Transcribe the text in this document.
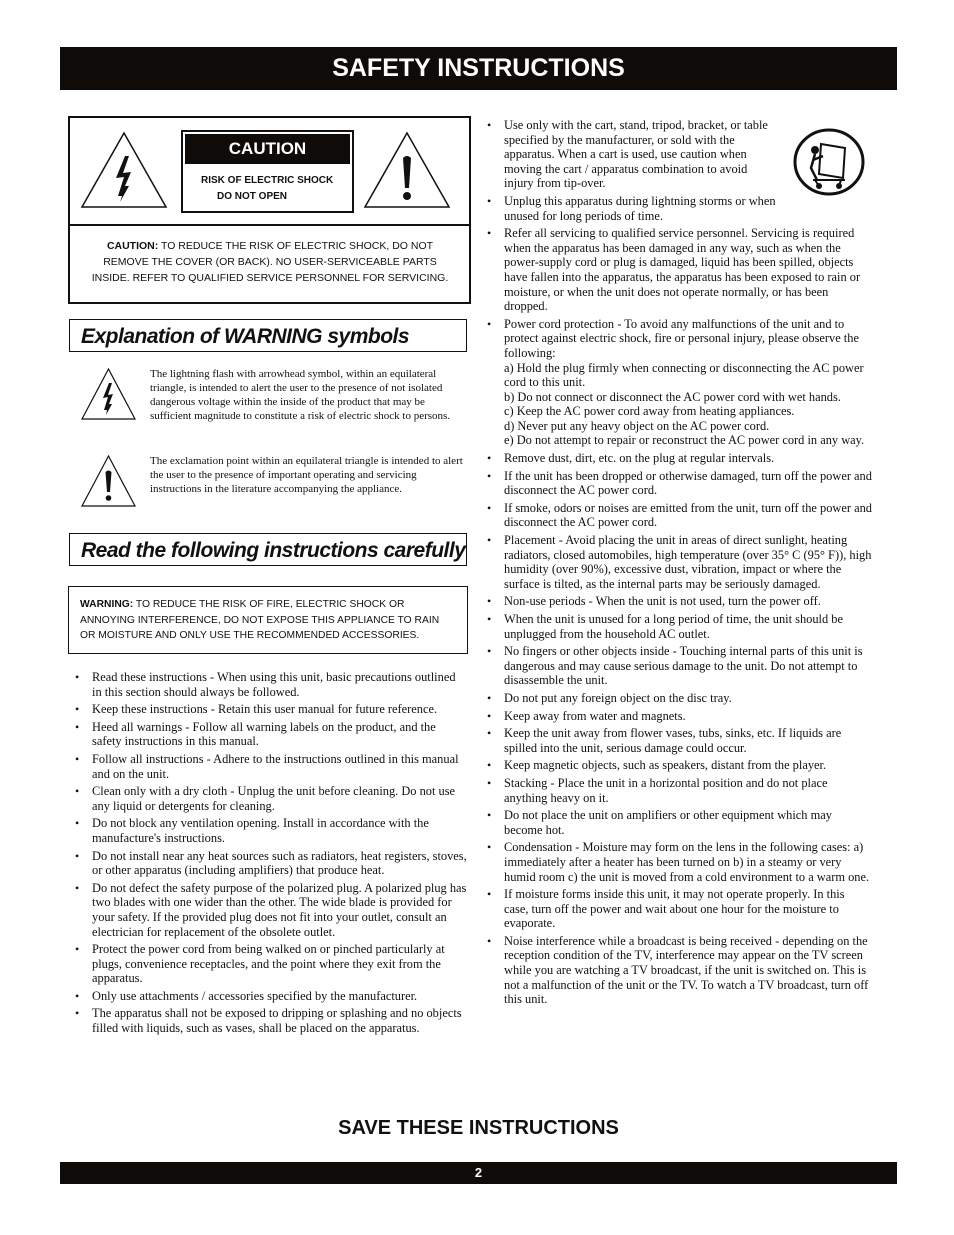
SAFETY INSTRUCTIONS
CAUTION
RISK OF ELECTRIC SHOCK
DO NOT OPEN
CAUTION: TO REDUCE THE RISK OF ELECTRIC SHOCK, DO NOT REMOVE THE COVER (OR BACK). NO USER-SERVICEABLE PARTS INSIDE. REFER TO QUALIFIED SERVICE PERSONNEL FOR SERVICING.
Explanation of WARNING symbols
The lightning flash with arrowhead symbol, within an equilateral triangle, is intended to alert the user to the presence of not isolated dangerous voltage within the inside of the product that may be sufficient magnitude to constitute a risk of electric shock to persons.
The exclamation point within an equilateral triangle is intended to alert the user to the presence of important operating and servicing instructions in the literature accompanying the appliance.
Read the following instructions carefully
WARNING: TO REDUCE THE RISK OF FIRE, ELECTRIC SHOCK OR ANNOYING INTERFERENCE, DO NOT EXPOSE THIS APPLIANCE TO RAIN OR MOISTURE AND ONLY USE THE RECOMMENDED ACCESSORIES.
• Read these instructions - When using this unit, basic precautions outlined in this section should always be followed.
• Keep these instructions - Retain this user manual for future reference.
• Heed all warnings - Follow all warning labels on the product, and the safety instructions in this manual.
• Follow all instructions - Adhere to the instructions outlined in this manual and on the unit.
• Clean only with a dry cloth - Unplug the unit before cleaning. Do not use any liquid or detergents for cleaning.
• Do not block any ventilation opening. Install in accordance with the manufacture's instructions.
• Do not install near any heat sources such as radiators, heat registers, stoves, or other apparatus (including amplifiers) that produce heat.
• Do not defect the safety purpose of the polarized plug. A polarized plug has two blades with one wider than the other. The wide blade is provided for your safety. If the provided plug does not fit into your outlet, consult an electrician for replacement of the obsolete outlet.
• Protect the power cord from being walked on or pinched particularly at plugs, convenience receptacles, and the point where they exit from the apparatus.
• Only use attachments / accessories specified by the manufacturer.
• The apparatus shall not be exposed to dripping or splashing and no objects filled with liquids, such as vases, shall be placed on the apparatus.
• Use only with the cart, stand, tripod, bracket, or table specified by the manufacturer, or sold with the apparatus. When a cart is used, use caution when moving the cart / apparatus combination to avoid injury from tip-over.
• Unplug this apparatus during lightning storms or when unused for long periods of time.
• Refer all servicing to qualified service personnel. Servicing is required when the apparatus has been damaged in any way, such as when the power-supply cord or plug is damaged, liquid has been spilled, objects have fallen into the apparatus, the apparatus has been exposed to rain or moisture, or when the unit does not operate normally, or has been dropped.
• Power cord protection - To avoid any malfunctions of the unit and to protect against electric shock, fire or personal injury, please observe the following:
a) Hold the plug firmly when connecting or disconnecting the AC power cord to this unit.
b) Do not connect or disconnect the AC power cord with wet hands.
c) Keep the AC power cord away from heating appliances.
d) Never put any heavy object on the AC power cord.
e) Do not attempt to repair or reconstruct the AC power cord in any way.
• Remove dust, dirt, etc. on the plug at regular intervals.
• If the unit has been dropped or otherwise damaged, turn off the power and disconnect the AC power cord.
• If smoke, odors or noises are emitted from the unit, turn off the power and disconnect the AC power cord.
• Placement - Avoid placing the unit in areas of direct sunlight, heating radiators, closed automobiles, high temperature (over 35° C (95° F)), high humidity (over 90%), excessive dust, vibration, impact or where the surface is tilted, as the internal parts may be seriously damaged.
• Non-use periods - When the unit is not used, turn the power off.
• When the unit is unused for a long period of time, the unit should be unplugged from the household AC outlet.
• No fingers or other objects inside - Touching internal parts of this unit is dangerous and may cause serious damage to the unit. Do not attempt to disassemble the unit.
• Do not put any foreign object on the disc tray.
• Keep away from water and magnets.
• Keep the unit away from flower vases, tubs, sinks, etc. If liquids are spilled into the unit, serious damage could occur.
• Keep magnetic objects, such as speakers, distant from the player.
• Stacking - Place the unit in a horizontal position and do not place anything heavy on it.
• Do not place the unit on amplifiers or other equipment which may become hot.
• Condensation - Moisture may form on the lens in the following cases: a) immediately after a heater has been turned on b) in a steamy or very humid room c) the unit is moved from a cold environment to a warm one.
• If moisture forms inside this unit, it may not operate properly. In this case, turn off the power and wait about one hour for the moisture to evaporate.
• Noise interference while a broadcast is being received - depending on the reception condition of the TV, interference may appear on the TV screen while you are watching a TV broadcast, if the unit is switched on. This is not a malfunction of the unit or the TV. To watch a TV broadcast, turn off this unit.
SAVE THESE INSTRUCTIONS
2
